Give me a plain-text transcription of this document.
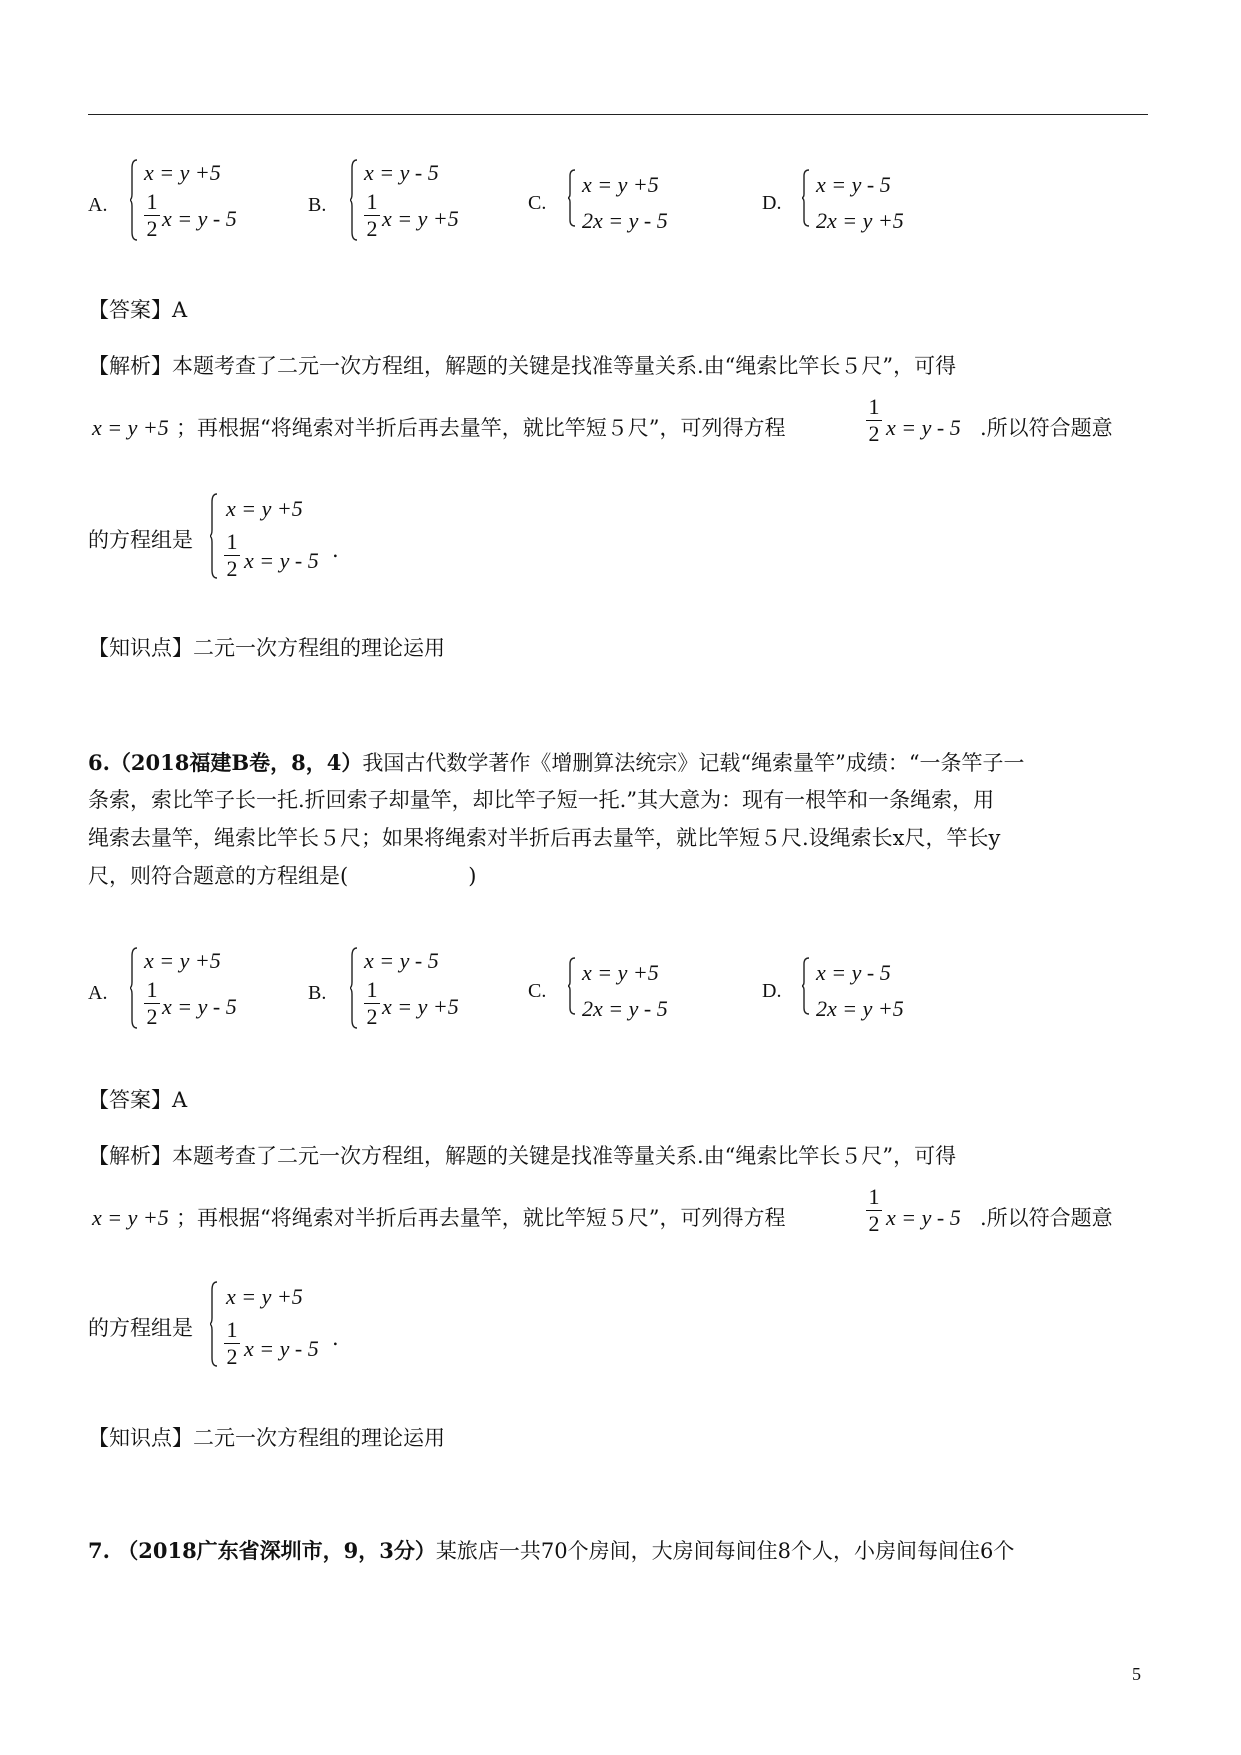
A.
x = y +5
1
2 x = y - 5
B.
x = y - 5
1
2 x = y +5
C.
x = y +5
2x = y - 5
D.
x = y - 5
2x = y +5
【答案】A
【解析】本题考查了二元一次方程组，解题的关键是找准等量关系.由“绳索比竿长５尺”，可得
x = y +5 ；再根据“将绳索对半折后再去量竿，就比竿短５尺”，可列得方程
1
2 x = y - 5 .所以符合题意
的方程组是
x = y +5
1
2 x = y - 5 .
【知识点】二元一次方程组的理论运用
6.（2018福建B卷，8，4）我国古代数学著作《增删算法统宗》记载“绳索量竿”成绩：“一条竿子一
条索，索比竿子长一托.折回索子却量竿，却比竿子短一托.”其大意为：现有一根竿和一条绳索，用
绳索去量竿，绳索比竿长５尺；如果将绳索对半折后再去量竿，就比竿短５尺.设绳索长x尺，竿长y
尺，则符合题意的方程组是(	)
A.
x = y +5
1
2 x = y - 5
B.
x = y - 5
1
2 x = y +5
C.
x = y +5
2x = y - 5
D.
x = y - 5
2x = y +5
【答案】A
【解析】本题考查了二元一次方程组，解题的关键是找准等量关系.由“绳索比竿长５尺”，可得
x = y +5 ；再根据“将绳索对半折后再去量竿，就比竿短５尺”，可列得方程
1
2 x = y - 5 .所以符合题意
的方程组是
x = y +5
1
2 x = y - 5 .
【知识点】二元一次方程组的理论运用
7. （2018广东省深圳市，9，3分）某旅店一共70个房间，大房间每间住8个人，小房间每间住6个
5
